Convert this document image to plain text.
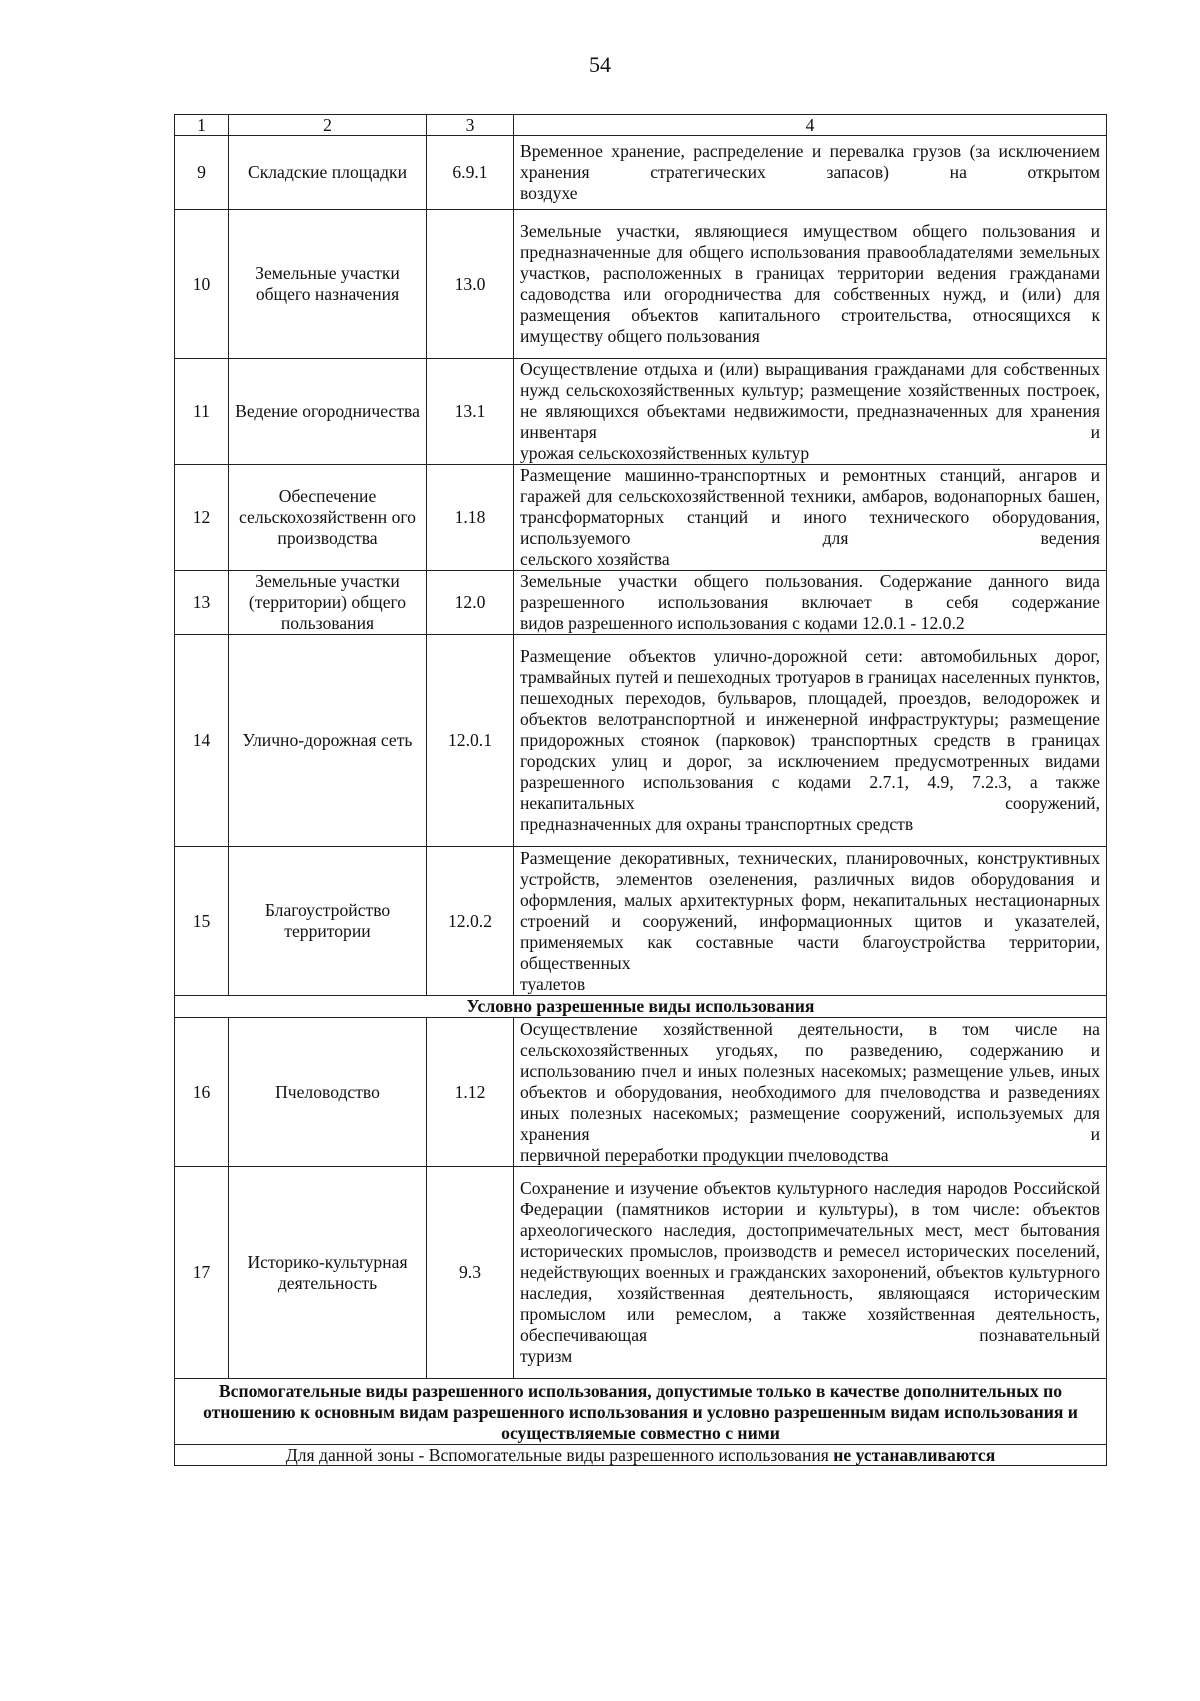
54
1	2	3	4
9	Складские площадки	6.9.1	Временное хранение, распределение и перевалка грузов (за исключением хранения стратегических запасов) на открытом
воздухе

10	Земельные участки общего назначения	13.0	Земельные участки, являющиеся имуществом общего пользования и предназначенные для общего использования правообладателями земельных участков, расположенных в границах территории ведения гражданами садоводства или огородничества для собственных нужд, и (или) для размещения объектов капитального строительства, относящихся к
имуществу общего пользования

11	Ведение огородничества	13.1	Осуществление отдыха и (или) выращивания гражданами для собственных нужд сельскохозяйственных культур; размещение хозяйственных построек, не являющихся объектами недвижимости, предназначенных для хранения инвентаря и
урожая сельскохозяйственных культур

12	Обеспечение сельскохозяйственн ого производства	1.18	Размещение машинно-транспортных и ремонтных станций, ангаров и гаражей для сельскохозяйственной техники, амбаров, водонапорных башен, трансформаторных станций и иного технического оборудования, используемого для ведения
сельского хозяйства

13	Земельные участки (территории) общего пользования	12.0	Земельные участки общего пользования. Содержание данного вида разрешенного использования включает в себя содержание
видов разрешенного использования с кодами 12.0.1 - 12.0.2

14	Улично-дорожная сеть	12.0.1	Размещение объектов улично-дорожной сети: автомобильных дорог, трамвайных путей и пешеходных тротуаров в границах населенных пунктов, пешеходных переходов, бульваров, площадей, проездов, велодорожек и объектов велотранспортной и инженерной инфраструктуры; размещение придорожных стоянок (парковок) транспортных средств в границах городских улиц и дорог, за исключением предусмотренных видами разрешенного использования с кодами 2.7.1, 4.9, 7.2.3, а также некапитальных сооружений,
предназначенных для охраны транспортных средств

15	Благоустройство территории	12.0.2	Размещение декоративных, технических, планировочных, конструктивных устройств, элементов озеленения, различных видов оборудования и оформления, малых архитектурных форм, некапитальных нестационарных строений и сооружений, информационных щитов и указателей, применяемых как составные части благоустройства территории, общественных
туалетов

Условно разрешенные виды использования			
16	Пчеловодство	1.12	Осуществление хозяйственной деятельности, в том числе на сельскохозяйственных угодьях, по разведению, содержанию и использованию пчел и иных полезных насекомых; размещение ульев, иных объектов и оборудования, необходимого для пчеловодства и разведениях иных полезных насекомых; размещение сооружений, используемых для хранения и
первичной переработки продукции пчеловодства

17	Историко-культурная деятельность	9.3	Сохранение и изучение объектов культурного наследия народов Российской Федерации (памятников истории и культуры), в том числе: объектов археологического наследия, достопримечательных мест, мест бытования исторических промыслов, производств и ремесел исторических поселений, недействующих военных и гражданских захоронений, объектов культурного наследия, хозяйственная деятельность, являющаяся историческим промыслом или ремеслом, а также хозяйственная деятельность, обеспечивающая познавательный
туризм

Вспомогательные виды разрешенного использования, допустимые только в качестве дополнительных по отношению к основным видам разрешенного использования и условно разрешенным видам использования и осуществляемые совместно с ними			
Для данной зоны - Вспомогательные виды разрешенного использования не устанавливаются			
